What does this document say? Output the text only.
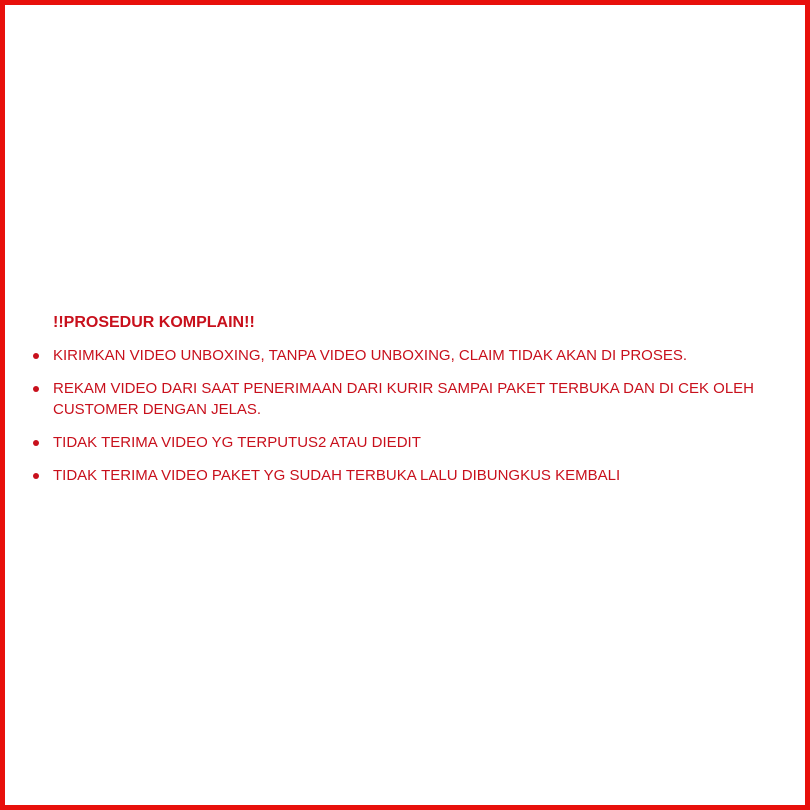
!!PROSEDUR KOMPLAIN!!
KIRIMKAN VIDEO UNBOXING, TANPA VIDEO UNBOXING, CLAIM TIDAK AKAN DI PROSES.
REKAM VIDEO DARI SAAT PENERIMAAN DARI KURIR SAMPAI PAKET TERBUKA DAN DI CEK OLEH CUSTOMER DENGAN JELAS.
TIDAK TERIMA VIDEO YG TERPUTUS2 ATAU DIEDIT
TIDAK TERIMA VIDEO PAKET YG SUDAH TERBUKA LALU DIBUNGKUS KEMBALI
